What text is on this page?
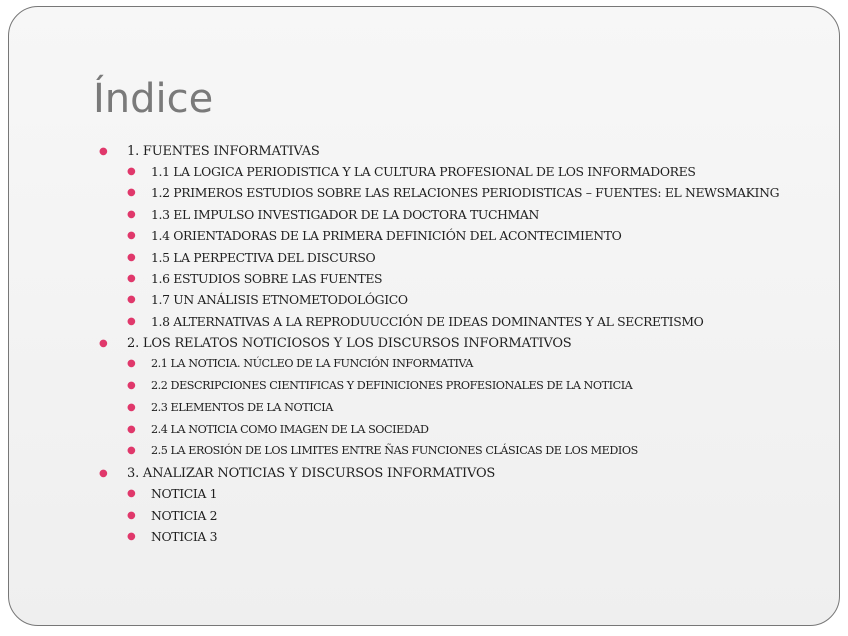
Índice
● 1. FUENTES INFORMATIVAS
● 1.1 LA LOGICA PERIODISTICA Y LA CULTURA PROFESIONAL DE LOS INFORMADORES
● 1.2 PRIMEROS ESTUDIOS SOBRE LAS RELACIONES PERIODISTICAS – FUENTES: EL NEWSMAKING
● 1.3 EL IMPULSO INVESTIGADOR DE LA DOCTORA TUCHMAN
● 1.4 ORIENTADORAS DE LA PRIMERA DEFINICIÓN DEL ACONTECIMIENTO
● 1.5 LA PERPECTIVA DEL DISCURSO
● 1.6 ESTUDIOS SOBRE LAS FUENTES
● 1.7 UN ANÁLISIS ETNOMETODOLÓGICO
● 1.8 ALTERNATIVAS A LA REPRODUUCCIÓN DE IDEAS DOMINANTES Y AL SECRETISMO
● 2. LOS RELATOS NOTICIOSOS Y LOS DISCURSOS INFORMATIVOS
● 2.1 LA NOTICIA. NÚCLEO DE LA FUNCIÓN INFORMATIVA
● 2.2 DESCRIPCIONES CIENTIFICAS Y DEFINICIONES PROFESIONALES DE LA NOTICIA
● 2.3 ELEMENTOS DE LA NOTICIA
● 2.4 LA NOTICIA COMO IMAGEN DE LA SOCIEDAD
● 2.5 LA EROSIÓN DE LOS LIMITES ENTRE ÑAS FUNCIONES CLÁSICAS DE LOS MEDIOS
● 3. ANALIZAR NOTICIAS Y DISCURSOS INFORMATIVOS
● NOTICIA 1
● NOTICIA 2
● NOTICIA 3
